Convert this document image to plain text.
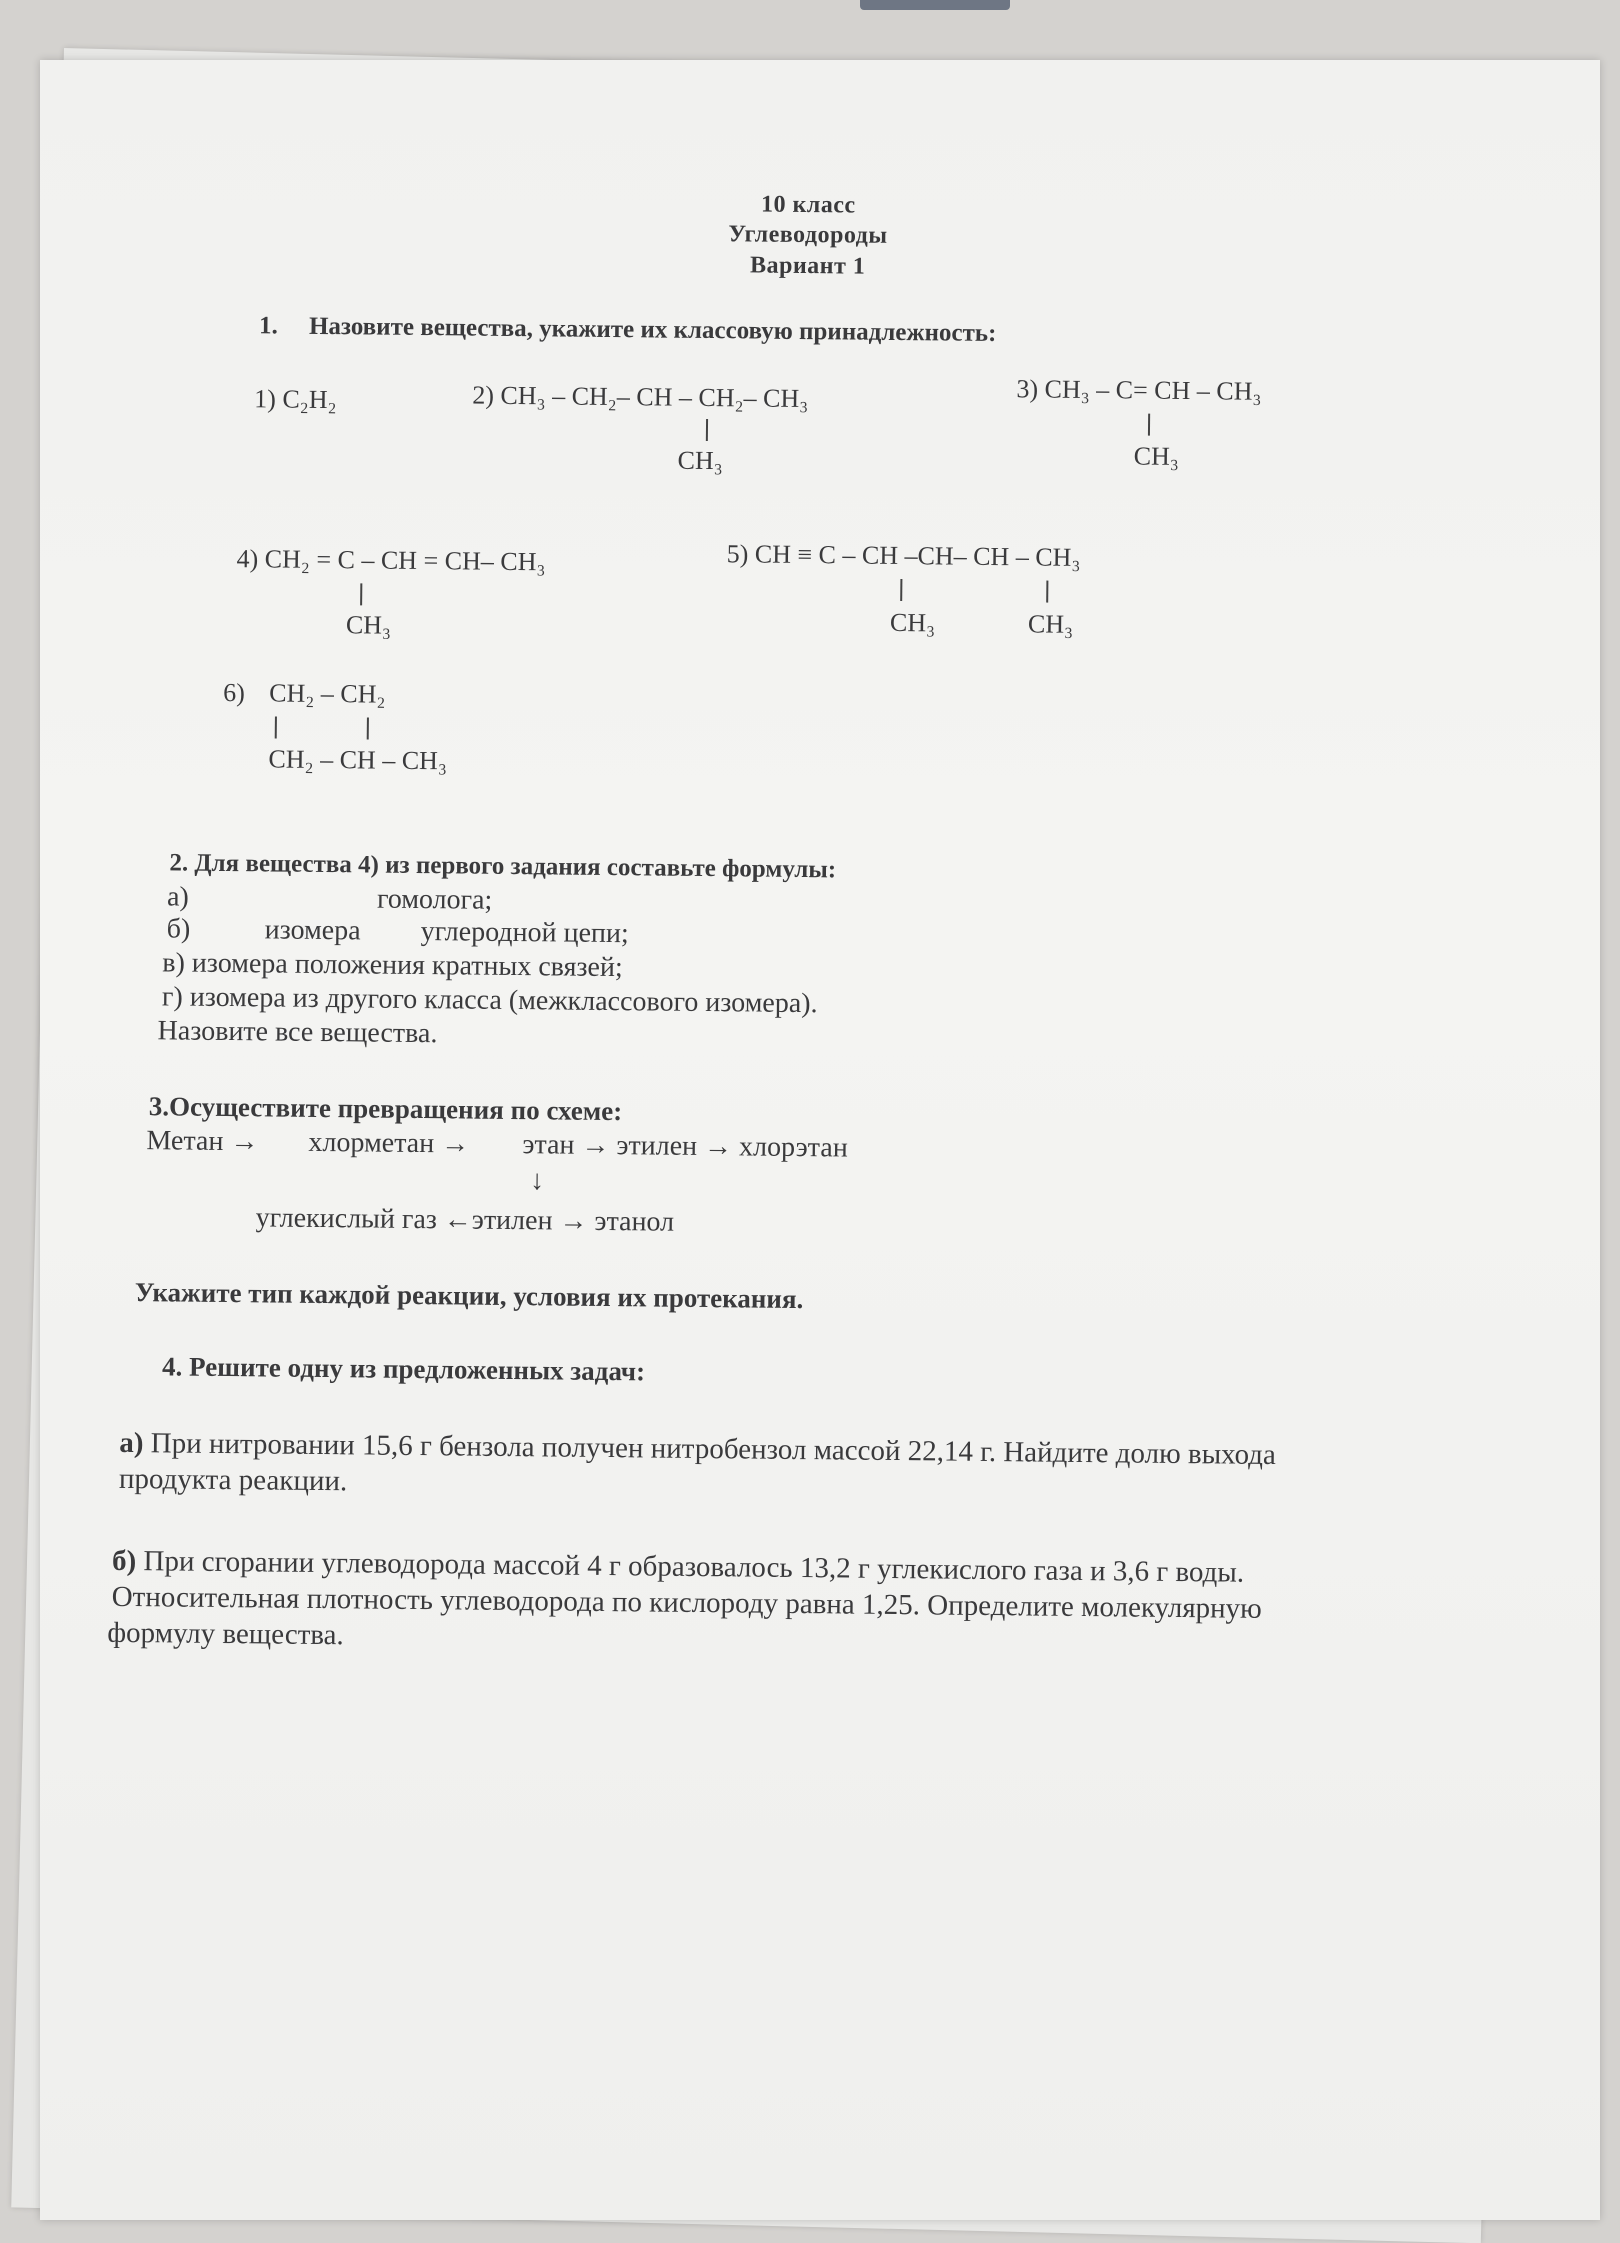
10 класс
Углеводороды
Вариант 1
1. Назовите вещества, укажите их классовую принадлежность:
1) C₂H₂	2) CH₃ – CH₂– CH – CH₂– CH₃
CH₃
3) CH₃ – C= CH – CH₃
CH₃
4) CH₂ = C – CH = CH– CH₃
CH₃
5) CH ≡ C – CH –CH– CH – CH₃
CH₃	CH₃
6) CH₂ – CH₂
CH₂ – CH – CH₃
2. Для вещества 4) из первого задания составьте формулы:
а)	гомолога;
б)	изомера углеродной цепи;
в) изомера положения кратных связей;
г) изомера из другого класса (межклассового изомера).
Назовите все вещества.
3.Осуществите превращения по схеме:
Метан → хлорметан → этан → этилен → хлорэтан
↓
углекислый газ ←этилен → этанол
Укажите тип каждой реакции, условия их протекания.
4. Решите одну из предложенных задач:
а) При нитровании 15,6 г бензола получен нитробензол массой 22,14 г. Найдите долю выхода
продукта реакции.
б) При сгорании углеводорода массой 4 г образовалось 13,2 г углекислого газа и 3,6 г воды.
Относительная плотность углеводорода по кислороду равна 1,25. Определите молекулярную
формулу вещества.
